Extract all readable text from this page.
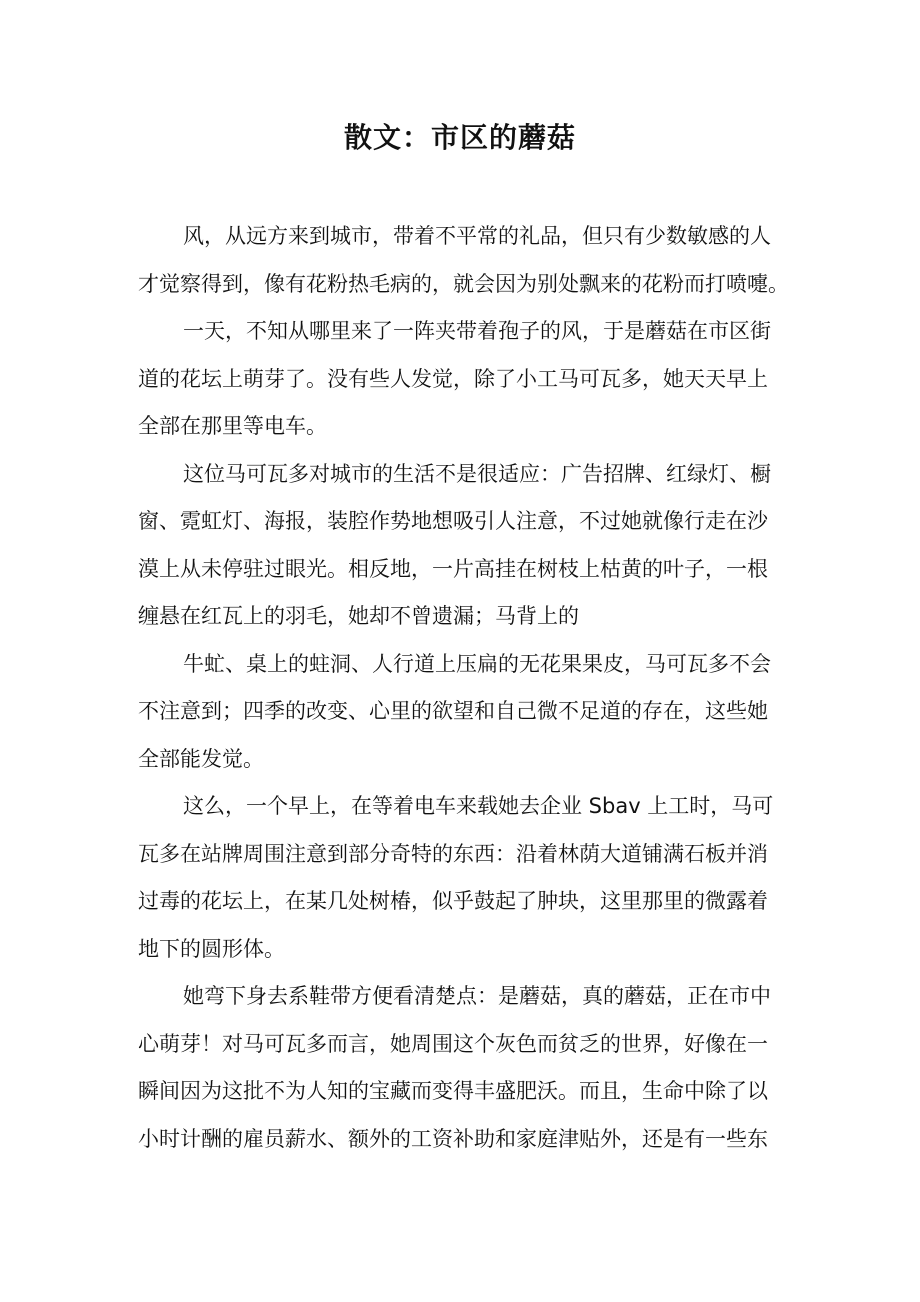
散文：市区的蘑菇
风，从远方来到城市，带着不平常的礼品，但只有少数敏感的人
才觉察得到，像有花粉热毛病的，就会因为别处飘来的花粉而打喷嚏。
一天，不知从哪里来了一阵夹带着孢子的风，于是蘑菇在市区街
道的花坛上萌芽了。没有些人发觉，除了小工马可瓦多，她天天早上
全部在那里等电车。
这位马可瓦多对城市的生活不是很适应：广告招牌、红绿灯、橱
窗、霓虹灯、海报，装腔作势地想吸引人注意，不过她就像行走在沙
漠上从未停驻过眼光。相反地，一片高挂在树枝上枯黄的叶子，一根
缠悬在红瓦上的羽毛，她却不曾遗漏；马背上的
牛虻、桌上的蛀洞、人行道上压扁的无花果果皮，马可瓦多不会
不注意到；四季的改变、心里的欲望和自己微不足道的存在，这些她
全部能发觉。
这么，一个早上，在等着电车来载她去企业 Sbav 上工时，马可
瓦多在站牌周围注意到部分奇特的东西：沿着林荫大道铺满石板并消
过毒的花坛上，在某几处树椿，似乎鼓起了肿块，这里那里的微露着
地下的圆形体。
她弯下身去系鞋带方便看清楚点：是蘑菇，真的蘑菇，正在市中
心萌芽！对马可瓦多而言，她周围这个灰色而贫乏的世界，好像在一
瞬间因为这批不为人知的宝藏而变得丰盛肥沃。而且，生命中除了以
小时计酬的雇员薪水、额外的工资补助和家庭津贴外，还是有一些东
